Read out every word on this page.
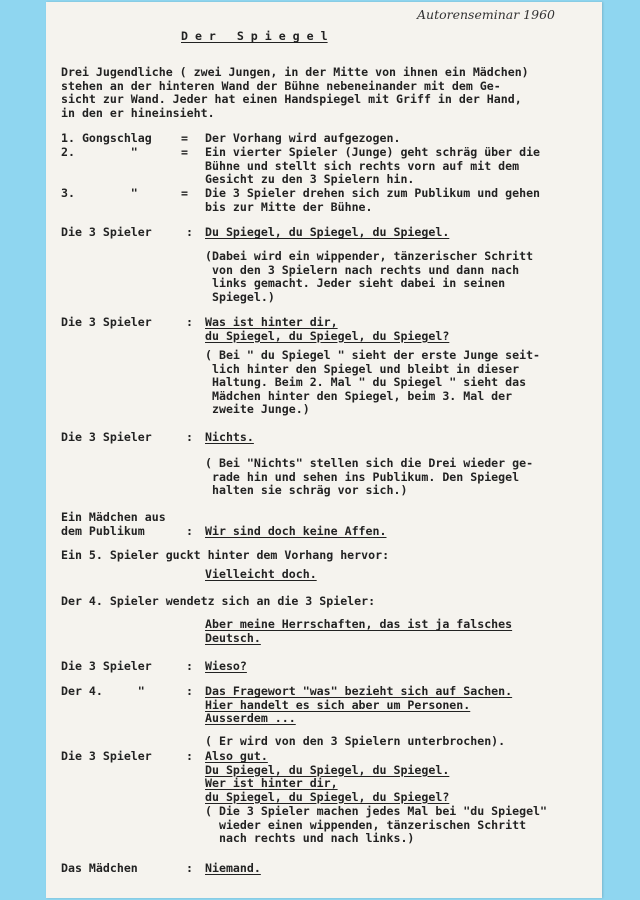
Autorenseminar 1960
D e r   S p i e g e l
Drei Jugendliche ( zwei Jungen, in der Mitte von ihnen ein Mädchen)
stehen an der hinteren Wand der Bühne nebeneinander mit dem Ge-
sicht zur Wand. Jeder hat einen Handspiegel mit Griff in der Hand,
in den er hineinsieht.
1. Gongschlag	= Der Vorhang wird aufgezogen.
2.        "	= Ein vierter Spieler (Junge) geht schräg über die
Bühne und stellt sich rechts vorn auf mit dem
Gesicht zu den 3 Spielern hin.
3.        "	= Die 3 Spieler drehen sich zum Publikum und gehen
bis zur Mitte der Bühne.
Die 3 Spieler	: Du Spiegel, du Spiegel, du Spiegel.
(Dabei wird ein wippender, tänzerischer Schritt
von den 3 Spielern nach rechts und dann nach
links gemacht. Jeder sieht dabei in seinen
Spiegel.)
Die 3 Spieler	: Was ist hinter dir,
du Spiegel, du Spiegel, du Spiegel?
( Bei " du Spiegel " sieht der erste Junge seit-
lich hinter den Spiegel und bleibt in dieser
Haltung. Beim 2. Mal " du Spiegel " sieht das
Mädchen hinter den Spiegel, beim 3. Mal der
zweite Junge.)
Die 3 Spieler	: Nichts.
( Bei "Nichts" stellen sich die Drei wieder ge-
rade hin und sehen ins Publikum. Den Spiegel
halten sie schräg vor sich.)
Ein Mädchen aus
dem Publikum	: Wir sind doch keine Affen.
Ein 5. Spieler guckt hinter dem Vorhang hervor:
Vielleicht doch.
Der 4. Spieler wendetz sich an die 3 Spieler:
Aber meine Herrschaften, das ist ja falsches
Deutsch.
Die 3 Spieler	: Wieso?
Der 4.     "	: Das Fragewort "was" bezieht sich auf Sachen.
Hier handelt es sich aber um Personen.
Ausserdem ...
( Er wird von den 3 Spielern unterbrochen).
Die 3 Spieler	: Also gut.
Du Spiegel, du Spiegel, du Spiegel.
Wer ist hinter dir,
du Spiegel, du Spiegel, du Spiegel?
( Die 3 Spieler machen jedes Mal bei "du Spiegel"
wieder einen wippenden, tänzerischen Schritt
nach rechts und nach links.)
Das Mädchen	: Niemand.
